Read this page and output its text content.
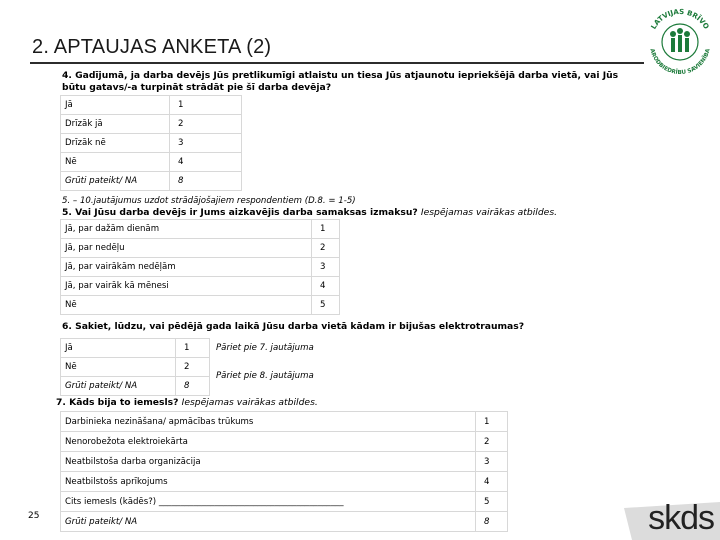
2. APTAUJAS ANKETA (2)
LATVIJAS BRĪVO
ARODBIEDRĪBU SAVIENĪBA
4. Gadījumā, ja darba devējs Jūs pretlikumīgi atlaistu un tiesa Jūs atjaunotu iepriekšējā darba vietā, vai Jūs būtu gatavs/-a turpināt strādāt pie šī darba devēja?
Jā	1
Drīzāk jā	2
Drīzāk nē	3
Nē	4
Grūti pateikt/ NA	8
5. – 10.jautājumus uzdot strādājošajiem respondentiem (D.8. = 1-5)
5. Vai Jūsu darba devējs ir Jums aizkavējis darba samaksas izmaksu? Iespējamas vairākas atbildes.
Jā, par dažām dienām	1
Jā, par nedēļu	2
Jā, par vairākām nedēļām	3
Jā, par vairāk kā mēnesi	4
Nē	5
6. Sakiet, lūdzu, vai pēdējā gada laikā Jūsu darba vietā kādam ir bijušas elektrotraumas?
Jā	1
Nē	2
Grūti pateikt/ NA	8
Pāriet pie 7. jautājuma
Pāriet pie 8. jautājuma
7. Kāds bija to iemesls? Iespējamas vairākas atbildes.
Darbinieka nezināšana/ apmācības trūkums	1
Nenorobežota elektroiekārta	2
Neatbilstoša darba organizācija	3
Neatbilstošs aprīkojums	4
Cits iemesls (kādēs?) ___________________________________________	5
Grūti pateikt/ NA	8
25	skds
